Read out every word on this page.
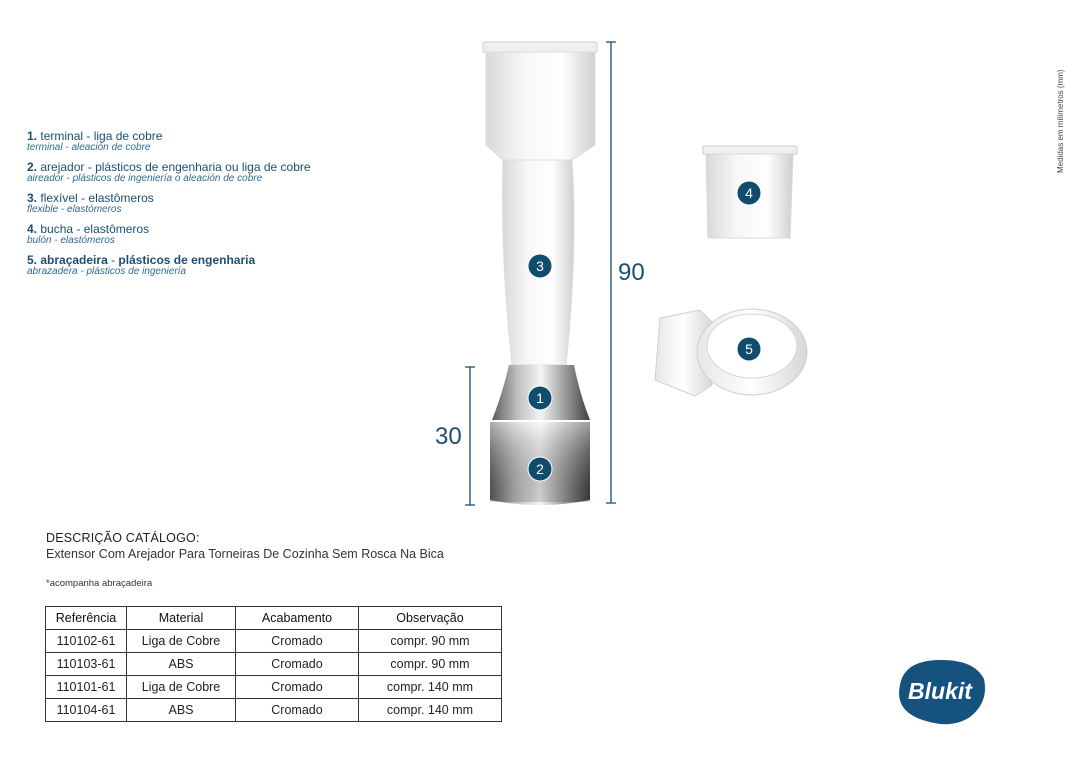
1. terminal - liga de cobre
terminal - aleación de cobre
2. arejador - plásticos de engenharia ou liga de cobre
aireador - plásticos de ingeniería o aleación de cobre
3. flexível - elastômeros
flexible - elastómeros
4. bucha - elastômeros
bulón - elastómeros
5. abraçadeira - plásticos de engenharia
abrazadera - plásticos de ingeniería
Medidas em milímetros (mm)
90
30
3
1
2
4
5
DESCRIÇÃO CATÁLOGO:
Extensor Com Arejador Para Torneiras De Cozinha Sem Rosca Na Bica
*acompanha abraçadeira
Referência	Material	Acabamento	Observação
110102-61	Liga de Cobre	Cromado	compr. 90 mm
110103-61	ABS	Cromado	compr. 90 mm
110101-61	Liga de Cobre	Cromado	compr. 140 mm
110104-61	ABS	Cromado	compr. 140 mm
Blukit
